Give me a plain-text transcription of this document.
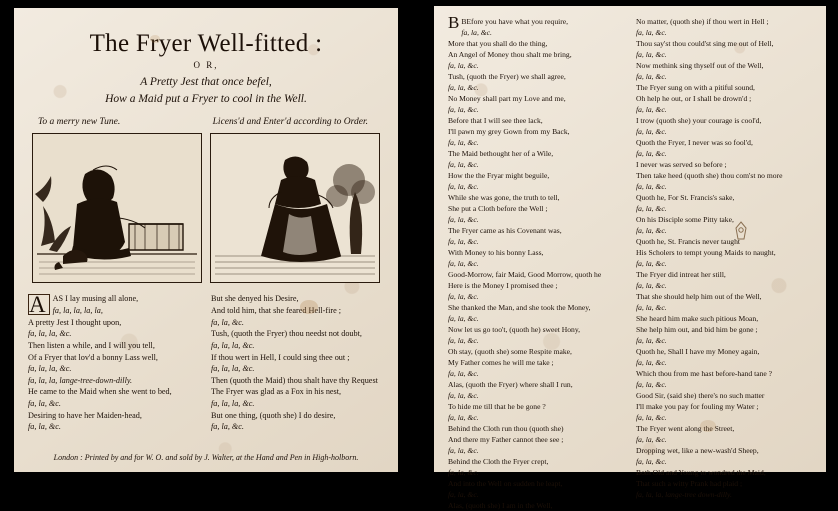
The Fryer Well-fitted :
O R,
A Pretty Jest that once befel,
How a Maid put a Fryer to cool in the Well.
To a merry new Tune.	Licens'd and Enter'd according to Order.

A AS I lay musing all alone,

fa, la, la, la, la,

A pretty Jest I thought upon,

fa, la, la, &c.

Then listen a while, and I will you tell,

Of a Fryer that lov'd a bonny Lass well,

fa, la, la, &c.

fa, la, la, lange-tree-down-dilly.

He came to the Maid when she went to bed,

fa, la, &c.

Desiring to have her Maiden-head,

fa, la, &c.

But she denyed his Desire,

And told him, that she feared Hell-fire ;

fa, la, &c.

Tush, (quoth the Fryer) thou needst not doubt,

fa, la, la, &c.

If thou wert in Hell, I could sing thee out ;

fa, la, la, &c.

Then (quoth the Maid) thou shalt have thy Request

The Fryer was glad as a Fox in his nest,

fa, la, la, &c.

But one thing, (quoth she) I do desire,

fa, la, &c.

London : Printed by and for W. O. and sold by J. Walter, at the Hand and Pen in High-holborn.

B BEfore you have what you require,

fa, la, &c.

More that you shall do the thing,

An Angel of Money thou shalt me bring,

fa, la, &c.

Tush, (quoth the Fryer) we shall agree,

fa, la, &c.

No Money shall part my Love and me,

fa, la, &c.

Before that I will see thee lack,

I'll pawn my grey Gown from my Back,

fa, la, &c.

The Maid bethought her of a Wile,

fa, la, &c.

How the the Fryar might beguile,

fa, la, &c.

While she was gone, the truth to tell,

She put a Cloth before the Well ;

fa, la, &c.

The Fryer came as his Covenant was,

fa, la, &c.

With Money to his bonny Lass,

fa, la, &c.

Good-Morrow, fair Maid, Good Morrow, quoth he

Here is the Money I promised thee ;

fa, la, &c.

She thanked the Man, and she took the Money,

fa, la, &c.

Now let us go too't, (quoth he) sweet Hony,

fa, la, &c.

Oh stay, (quoth she) some Respite make,

My Father comes he will me take ;

fa, la, &c.

Alas, (quoth the Fryer) where shall I run,

fa, la, &c.

To hide me till that he be gone ?

fa, la, &c.

Behind the Cloth run thou (quoth she)

And there my Father cannot thee see ;

fa, la, &c.

Behind the Cloth the Fryer crept,

fa, la, &c.

And into the Well on sudden he leapt,

fa, la, &c.

Alas, (quoth she) I am in the Well,

No matter, (quoth she) if thou wert in Hell ;

fa, la, &c.

Thou say'st thou could'st sing me out of Hell,

fa, la, &c.

Now methink sing thyself out of the Well,

fa, la, &c.

The Fryer sung on with a pitiful sound,

Oh help he out, or I shall be drown'd ;

fa, la, &c.

I trow (quoth she) your courage is cool'd,

fa, la, &c.

Quoth the Fryer, I never was so fool'd,

fa, la, &c.

I never was served so before ;

Then take heed (quoth she) thou com'st no more

fa, la, &c.

Quoth he, For St. Francis's sake,

fa, la, &c.

On his Disciple some Pitty take,

fa, la, &c.

Quoth he, St. Francis never taught

His Scholers to tempt young Maids to naught,

fa, la, &c.

The Fryer did intreat her still,

fa, la, &c.

That she should help him out of the Well,

fa, la, &c.

She heard him make such pitious Moan,

She help him out, and bid him be gone ;

fa, la, &c.

Quoth he, Shall I have my Money again,

fa, la, &c.

Which thou from me hast before-hand tane ?

fa, la, &c.

Good Sir, (said she) there's no such matter

I'll make you pay for fouling my Water ;

fa, la, &c.

The Fryer went along the Street,

fa, la, &c.

Dropping wet, like a new-wash'd Sheep,

fa, la, &c.

Both Old and Young to wondred the Maid,

That such a witty Prank had plaid ;

fa, la, la, lange-tree down-dilly.
